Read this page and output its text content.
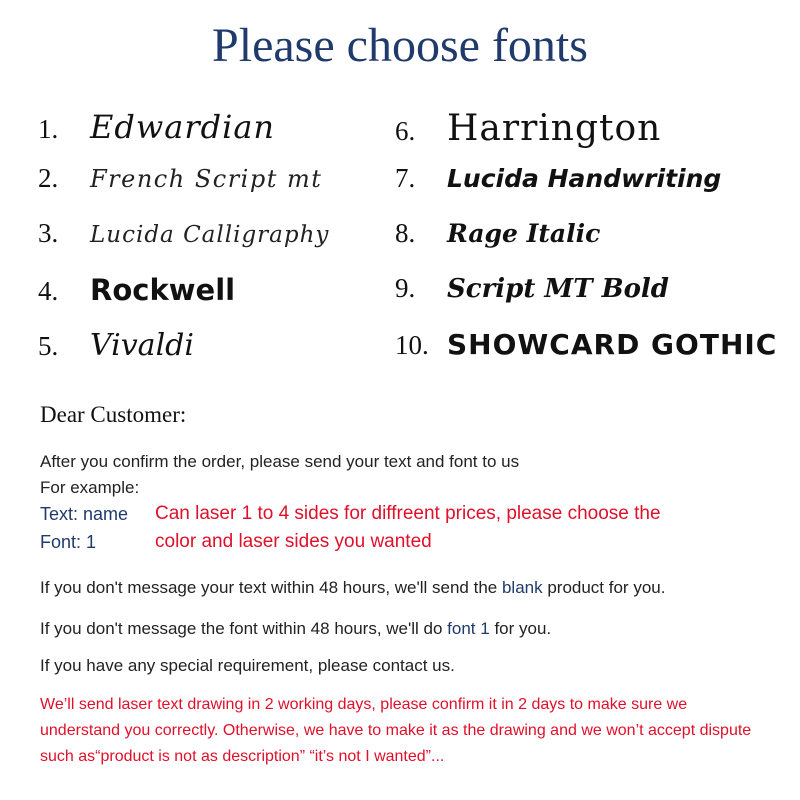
Please choose fonts
1. Edwardian
2.	French Script mt
3.	Lucida Calligraphy
4.	Rockwell
5.	Vivaldi
6. Harrington
7.	Lucida Handwriting
8.	Rage Italic
9.	Script MT Bold
10. SHOWCARD GOTHIC
Dear Customer:
After you confirm the order, please send your text and font to us
For example:
Text: name
Font: 1
Can laser 1 to 4 sides for diffreent prices, please choose the
color and laser sides you wanted
If you don't message your text within 48 hours, we'll send the blank product for you.
If you don't message the font within 48 hours, we'll do font 1 for you.
If you have any special requirement, please contact us.
We’ll send laser text drawing in 2 working days, please confirm it in 2 days to make sure we understand you correctly. Otherwise, we have to make it as the drawing and we won’t accept dispute such as“product is not as description” “it’s not I wanted”...
